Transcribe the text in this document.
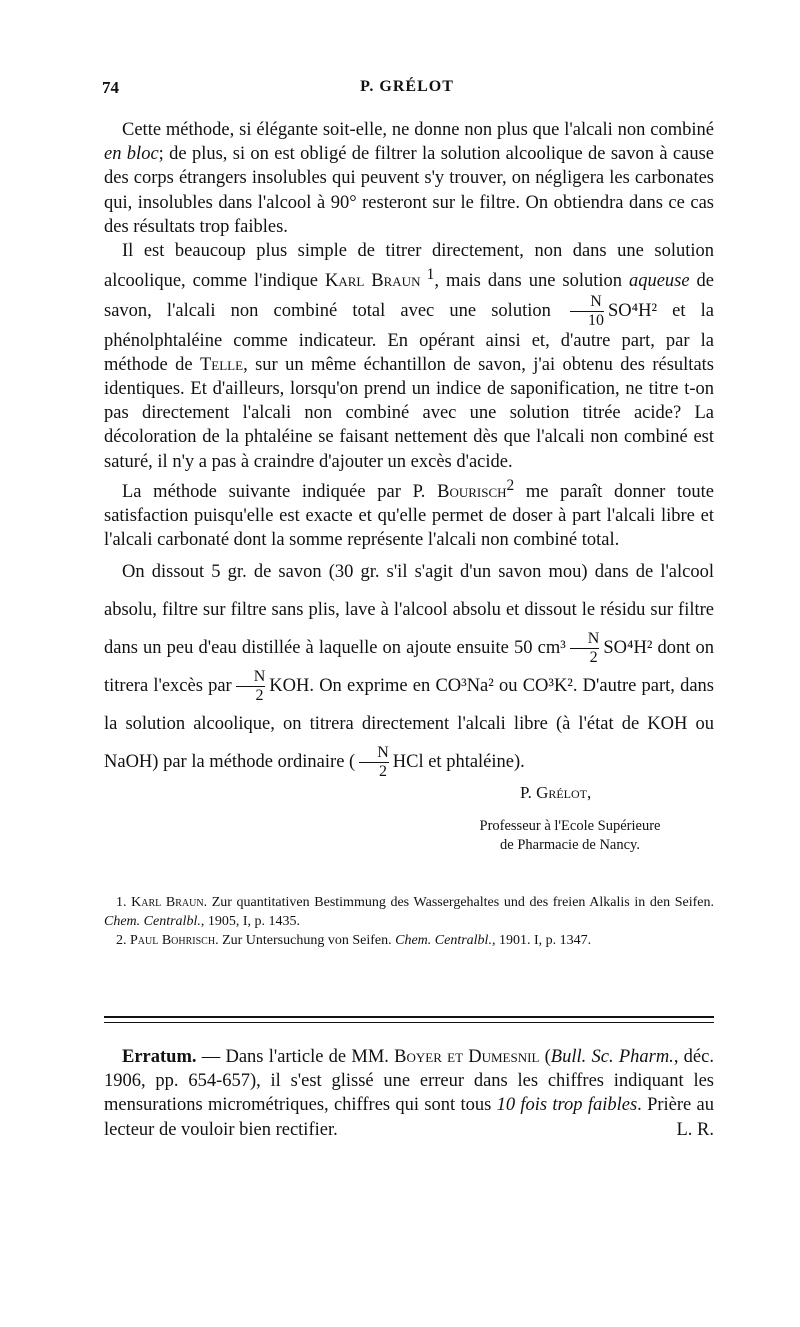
74	P. GRÉLOT

Cette méthode, si élégante soit-elle, ne donne non plus que l'alcali non combiné en bloc; de plus, si on est obligé de filtrer la solution alcoolique de savon à cause des corps étrangers insolubles qui peuvent s'y trouver, on négligera les carbonates qui, insolubles dans l'alcool à 90° resteront sur le filtre. On obtiendra dans ce cas des résultats trop faibles.

Il est beaucoup plus simple de titrer directement, non dans une solution alcoolique, comme l'indique Karl Braun $^1$, mais dans une solution aqueuse de savon, l'alcali non combiné total avec une solution $\frac{N}{10} SO^4H^2$ et la phénolphtaléine comme indicateur. En opérant ainsi et, d'autre part, par la méthode de Telle, sur un même échantillon de savon, j'ai obtenu des résultats identiques. Et d'ailleurs, lorsqu'on prend un indice de saponification, ne titre t-on pas directement l'alcali non combiné avec une solution titrée acide? La décoloration de la phtaléine se faisant nettement dès que l'alcali non combiné est saturé, il n'y a pas à craindre d'ajouter un excès d'acide.

La méthode suivante indiquée par P. Bourisch$^2$ me paraît donner toute satisfaction puisqu'elle est exacte et qu'elle permet de doser à part l'alcali libre et l'alcali carbonaté dont la somme représente l'alcali non combiné total.

On dissout 5 gr. de savon (30 gr. s'il s'agit d'un savon mou) dans de l'alcool absolu, filtre sur filtre sans plis, lave à l'alcool absolu et dissout le résidu sur filtre dans un peu d'eau distillée à laquelle on ajoute ensuite 50 $cm^3 \frac{N}{2} SO^4H^2$ dont on titrera l'excès par $\frac{N}{2}$ KOH. On exprime en CO³Na² ou CO³K². D'autre part, dans la solution alcoolique, on titrera directement l'alcali libre (à l'état de KOH ou NaOH) par la méthode ordinaire ( $\frac{N}{2}$ HCl et phtaléine).

P. Grélot,
Professeur à l'Ecole Supérieure
de Pharmacie de Nancy.

1. Karl Braun. Zur quantitativen Bestimmung des Wassergehaltes und des freien Alkalis in den Seifen. Chem. Centralbl., 1905, I, p. 1435.

2. Paul Bohrisch. Zur Untersuchung von Seifen. Chem. Centralbl., 1901. I, p. 1347.

Erratum. — Dans l'article de MM. Boyer et Dumesnil (Bull. Sc. Pharm., déc. 1906, pp. 654-657), il s'est glissé une erreur dans les chiffres indiquant les mensurations micrométriques, chiffres qui sont tous 10 fois trop faibles. Prière au lecteur de vouloir bien rectifier.	L. R.
